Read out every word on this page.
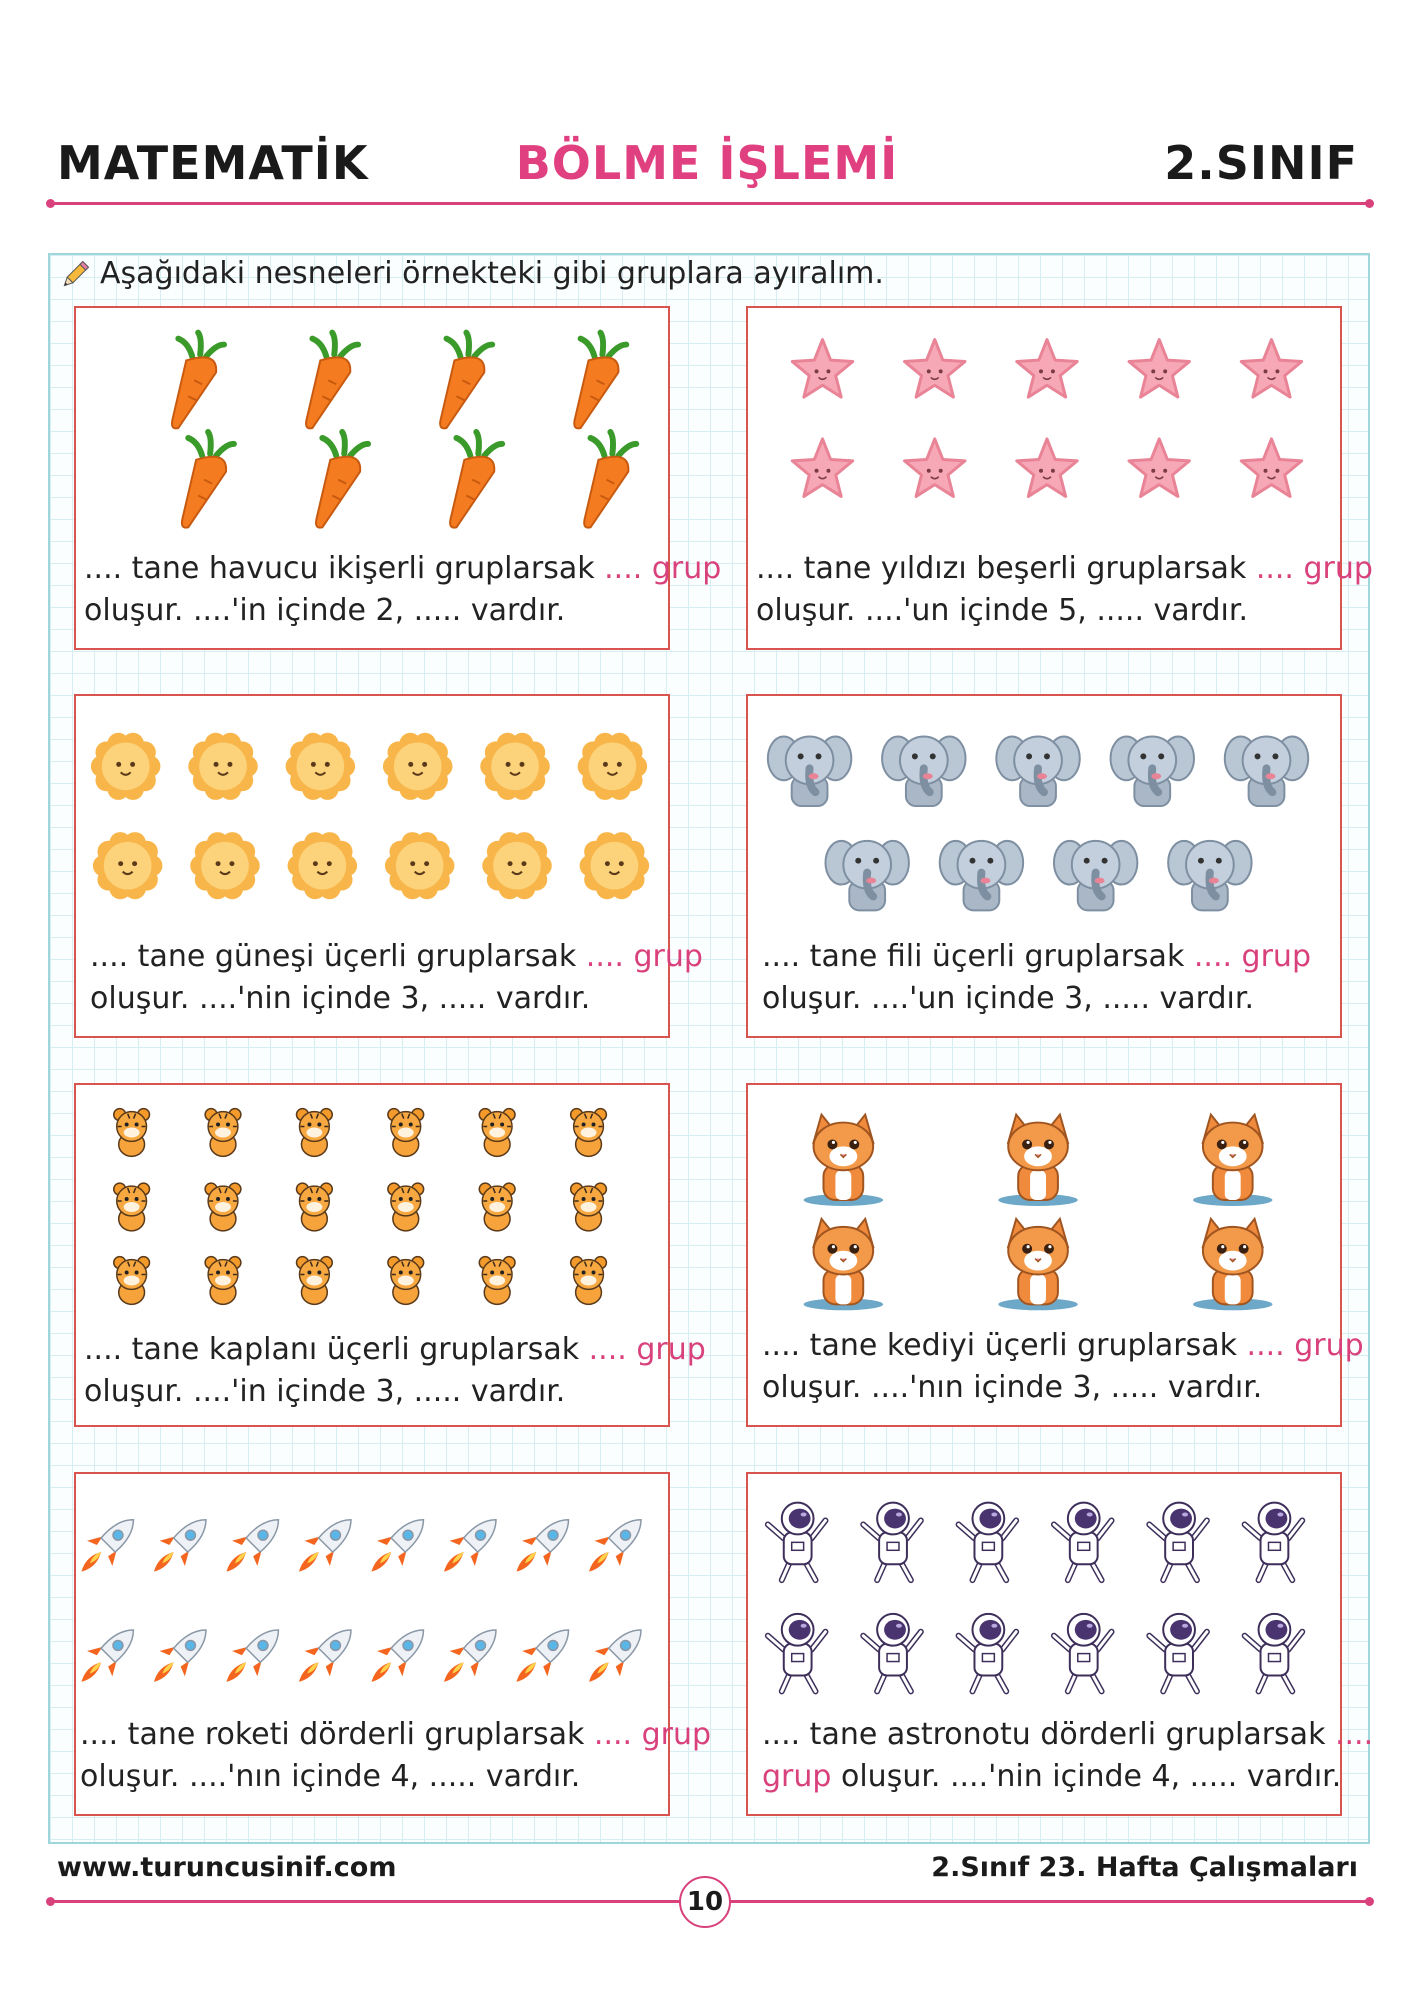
MATEMATİK	BÖLME İŞLEMİ	2.SINIF
Aşağıdaki nesneleri örnekteki gibi gruplara ayıralım.
.... tane havucu ikişerli gruplarsak .... grup
oluşur. ....'in içinde 2, ..... vardır.
.... tane yıldızı beşerli gruplarsak .... grup
oluşur. ....'un içinde 5, ..... vardır.
.... tane güneşi üçerli gruplarsak .... grup
oluşur. ....'nin içinde 3, ..... vardır.
.... tane fili üçerli gruplarsak .... grup
oluşur. ....'un içinde 3, ..... vardır.
.... tane kaplanı üçerli gruplarsak .... grup
oluşur. ....'in içinde 3, ..... vardır.
.... tane kediyi üçerli gruplarsak .... grup
oluşur. ....'nın içinde 3, ..... vardır.
.... tane roketi dörderli gruplarsak .... grup
oluşur. ....'nın içinde 4, ..... vardır.
.... tane astronotu dörderli gruplarsak ....
grup oluşur. ....'nin içinde 4, ..... vardır.
www.turuncusinif.com	2.Sınıf 23. Hafta Çalışmaları
10
